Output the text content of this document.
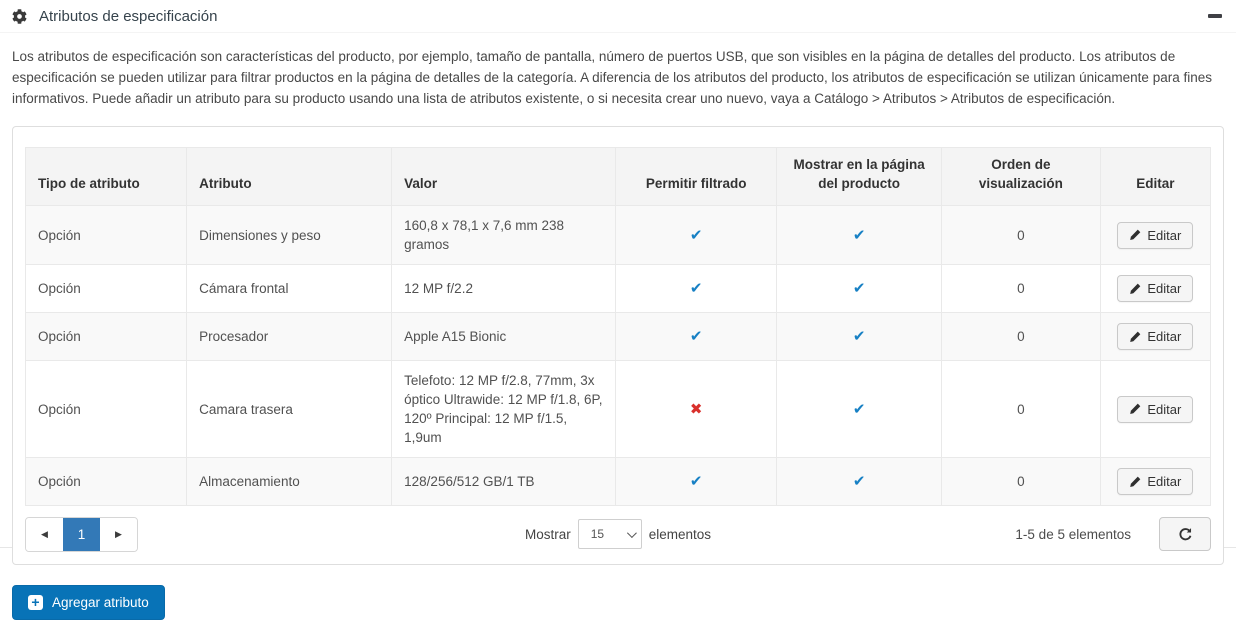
Atributos de especificación
Los atributos de especificación son características del producto, por ejemplo, tamaño de pantalla, número de puertos USB, que son visibles en la página de detalles del producto. Los atributos de especificación se pueden utilizar para filtrar productos en la página de detalles de la categoría. A diferencia de los atributos del producto, los atributos de especificación se utilizan únicamente para fines informativos. Puede añadir un atributo para su producto usando una lista de atributos existente, o si necesita crear uno nuevo, vaya a Catálogo > Atributos > Atributos de especificación.
Tipo de atributo	Atributo	Valor	Permitir filtrado	Mostrar en la página del producto	Orden de visualización	Editar
Opción	Dimensiones y peso	160,8 x 78,1 x 7,6 mm 238 gramos	✔	✔	0	Editar

Opción	Cámara frontal	12 MP f/2.2	✔	✔	0	Editar

Opción	Procesador	Apple A15 Bionic	✔	✔	0	Editar

Opción	Camara trasera	Telefoto: 12 MP f/2.8, 77mm, 3x óptico Ultrawide: 12 MP f/1.8, 6P, 120º Principal: 12 MP f/1.5, 1,9um	✖	✔	0	Editar

Opción	Almacenamiento	128/256/512 GB/1 TB	✔	✔	0	Editar
◀	1	▶	Mostrar 15	elementos	1-5 de 5 elementos
+ Agregar atributo
